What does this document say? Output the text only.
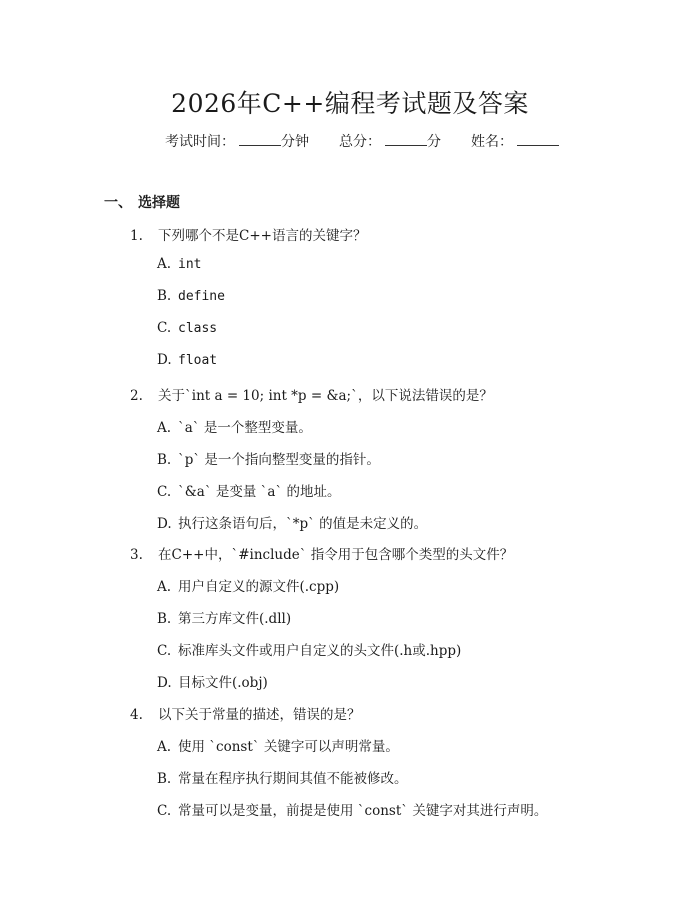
2026年C++编程考试题及答案
考试时间：	分钟 总分：	分 姓名：
一、 选择题
1. 下列哪个不是C++语言的关键字？
A. int
B. define
C. class
D. float
2. 关于`int a = 10; int *p = &a;`，以下说法错误的是？
A. `a` 是一个整型变量。
B. `p` 是一个指向整型变量的指针。
C. `&a` 是变量 `a` 的地址。
D. 执行这条语句后，`*p` 的值是未定义的。
3. 在C++中，`#include` 指令用于包含哪个类型的头文件？
A. 用户自定义的源文件(.cpp)
B. 第三方库文件(.dll)
C. 标准库头文件或用户自定义的头文件(.h或.hpp)
D. 目标文件(.obj)
4. 以下关于常量的描述，错误的是？
A. 使用 `const` 关键字可以声明常量。
B. 常量在程序执行期间其值不能被修改。
C. 常量可以是变量，前提是使用 `const` 关键字对其进行声明。
